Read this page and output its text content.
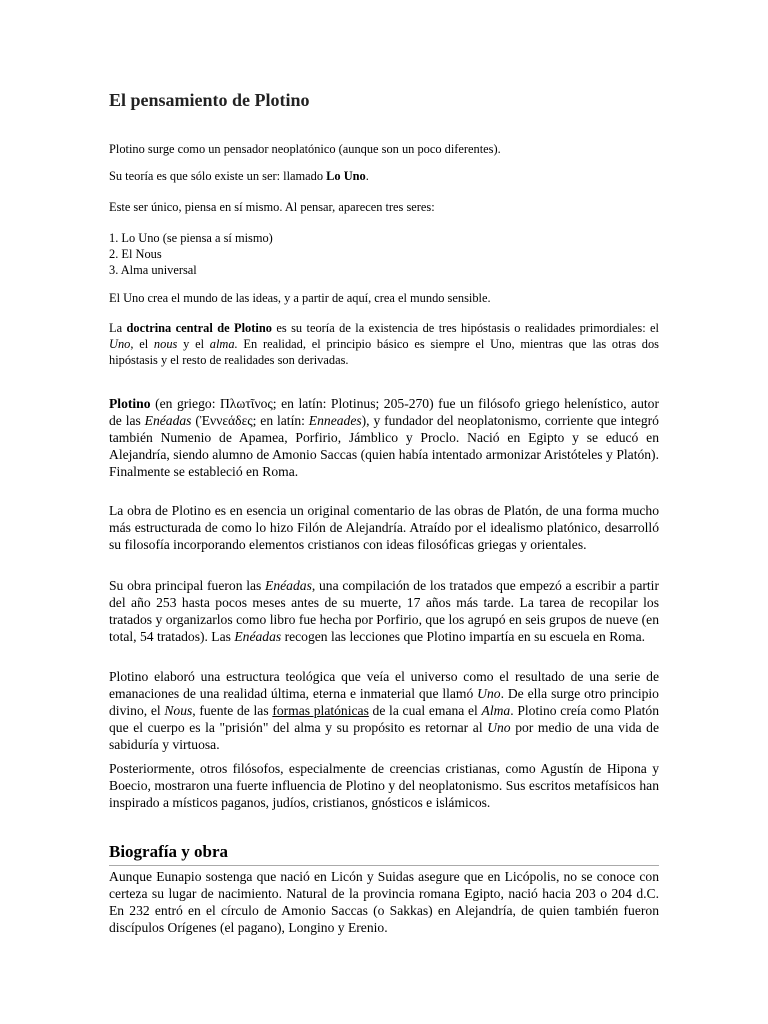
El pensamiento de Plotino

Plotino surge como un pensador neoplatónico (aunque son un poco diferentes).

Su teoría es que sólo existe un ser: llamado Lo Uno.

Este ser único, piensa en sí mismo. Al pensar, aparecen tres seres:

1. Lo Uno (se piensa a sí mismo)
2. El Nous
3. Alma universal

El Uno crea el mundo de las ideas, y a partir de aquí, crea el mundo sensible.

La doctrina central de Plotino es su teoría de la existencia de tres hipóstasis o realidades primordiales: el Uno, el nous y el alma. En realidad, el principio básico es siempre el Uno, mientras que las otras dos hipóstasis y el resto de realidades son derivadas.

Plotino (en griego: Πλωτῖνος; en latín: Plotinus; 205-270) fue un filósofo griego helenístico, autor de las Enéadas (Ἐννεάδες; en latín: Enneades), y fundador del neoplatonismo, corriente que integró también Numenio de Apamea, Porfirio, Jámblico y Proclo. Nació en Egipto y se educó en Alejandría, siendo alumno de Amonio Saccas (quien había intentado armonizar Aristóteles y Platón). Finalmente se estableció en Roma.

La obra de Plotino es en esencia un original comentario de las obras de Platón, de una forma mucho más estructurada de como lo hizo Filón de Alejandría. Atraído por el idealismo platónico, desarrolló su filosofía incorporando elementos cristianos con ideas filosóficas griegas y orientales.

Su obra principal fueron las Enéadas, una compilación de los tratados que empezó a escribir a partir del año 253 hasta pocos meses antes de su muerte, 17 años más tarde. La tarea de recopilar los tratados y organizarlos como libro fue hecha por Porfirio, que los agrupó en seis grupos de nueve (en total, 54 tratados). Las Enéadas recogen las lecciones que Plotino impartía en su escuela en Roma.

Plotino elaboró una estructura teológica que veía el universo como el resultado de una serie de emanaciones de una realidad última, eterna e inmaterial que llamó Uno. De ella surge otro principio divino, el Nous, fuente de las formas platónicas de la cual emana el Alma. Plotino creía como Platón que el cuerpo es la "prisión" del alma y su propósito es retornar al Uno por medio de una vida de sabiduría y virtuosa.

Posteriormente, otros filósofos, especialmente de creencias cristianas, como Agustín de Hipona y Boecio, mostraron una fuerte influencia de Plotino y del neoplatonismo. Sus escritos metafísicos han inspirado a místicos paganos, judíos, cristianos, gnósticos e islámicos.

Biografía y obra

Aunque Eunapio sostenga que nació en Licón y Suidas asegure que en Licópolis, no se conoce con certeza su lugar de nacimiento. Natural de la provincia romana Egipto, nació hacia 203 o 204 d.C. En 232 entró en el círculo de Amonio Saccas (o Sakkas) en Alejandría, de quien también fueron discípulos Orígenes (el pagano), Longino y Erenio.
